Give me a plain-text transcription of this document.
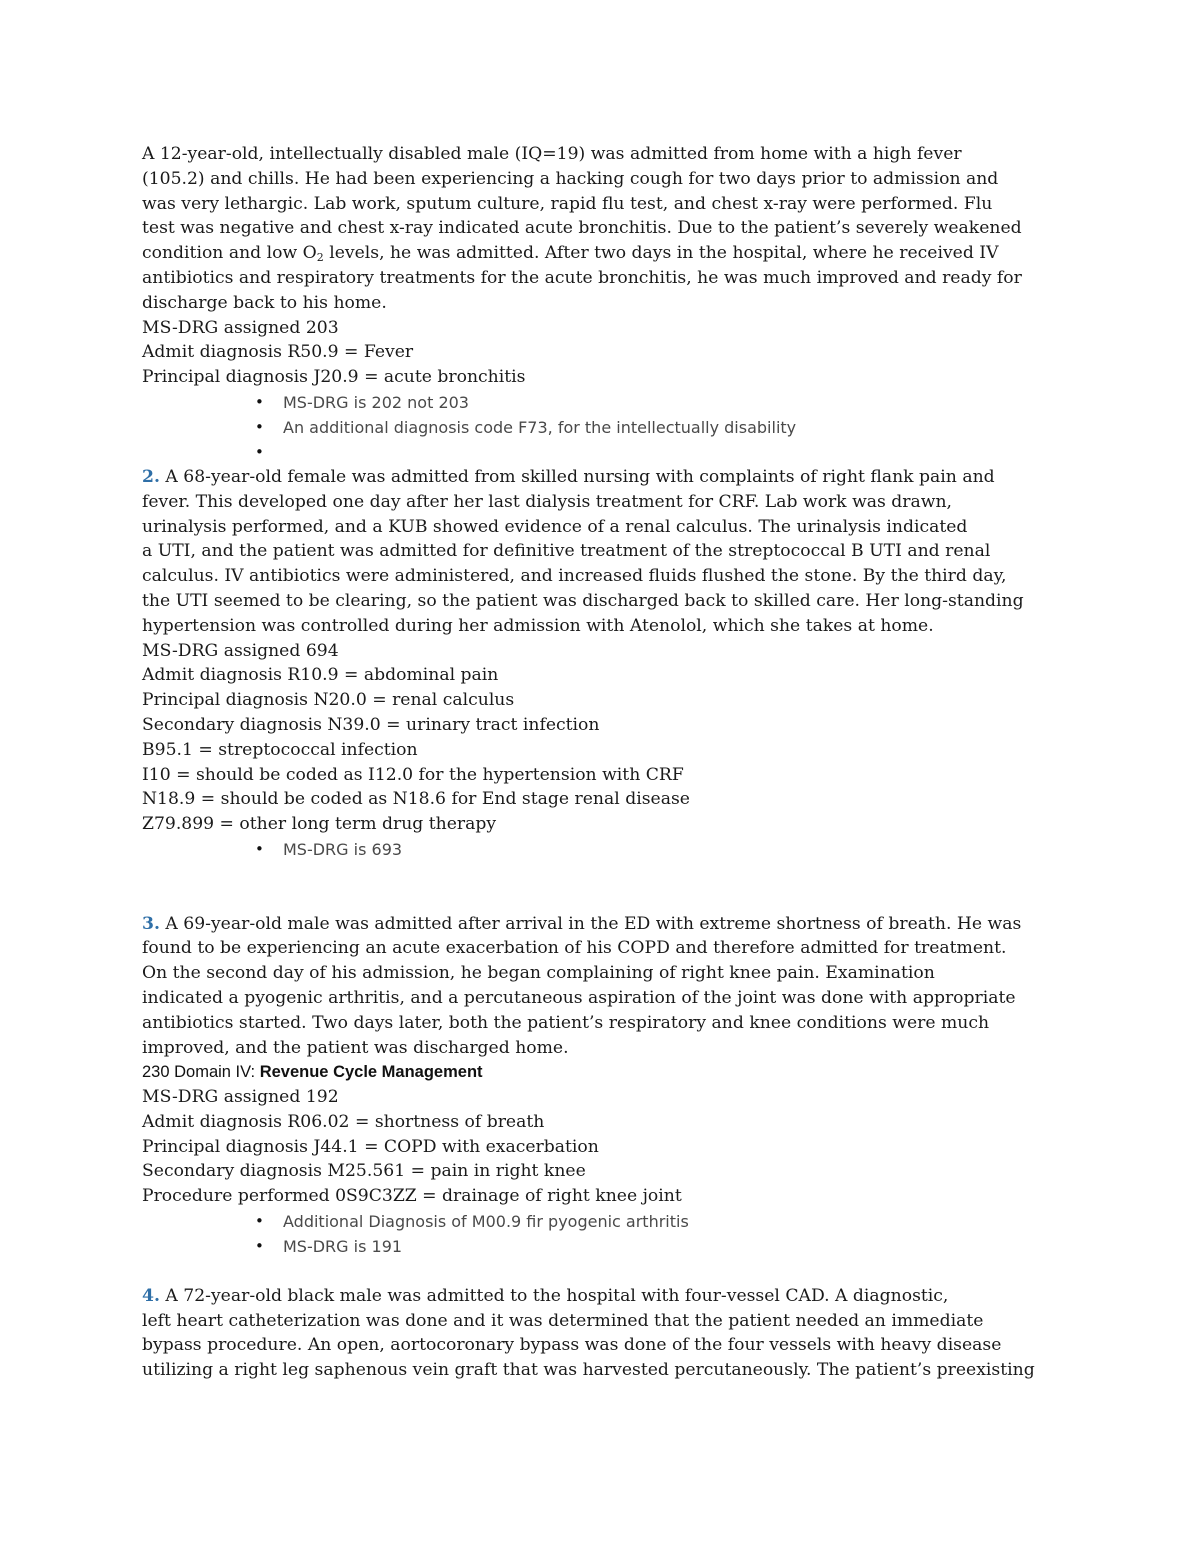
A 12-year-old, intellectually disabled male (IQ=19) was admitted from home with a high fever
(105.2) and chills. He had been experiencing a hacking cough for two days prior to admission and
was very lethargic. Lab work, sputum culture, rapid flu test, and chest x-ray were performed. Flu
test was negative and chest x-ray indicated acute bronchitis. Due to the patient’s severely weakened
condition and low $O_2$ levels, he was admitted. After two days in the hospital, where he received IV
antibiotics and respiratory treatments for the acute bronchitis, he was much improved and ready for
discharge back to his home.
MS-DRG assigned 203
Admit diagnosis R50.9 = Fever
Principal diagnosis J20.9 = acute bronchitis
• MS-DRG is 202 not 203
• An additional diagnosis code F73, for the intellectually disability
•
2. A 68-year-old female was admitted from skilled nursing with complaints of right flank pain and
fever. This developed one day after her last dialysis treatment for CRF. Lab work was drawn,
urinalysis performed, and a KUB showed evidence of a renal calculus. The urinalysis indicated
a UTI, and the patient was admitted for definitive treatment of the streptococcal B UTI and renal
calculus. IV antibiotics were administered, and increased fluids flushed the stone. By the third day,
the UTI seemed to be clearing, so the patient was discharged back to skilled care. Her long-standing
hypertension was controlled during her admission with Atenolol, which she takes at home.
MS-DRG assigned 694
Admit diagnosis R10.9 = abdominal pain
Principal diagnosis N20.0 = renal calculus
Secondary diagnosis N39.0 = urinary tract infection
B95.1 = streptococcal infection
I10 = should be coded as I12.0 for the hypertension with CRF
N18.9 = should be coded as N18.6 for End stage renal disease
Z79.899 = other long term drug therapy
• MS-DRG is 693
3. A 69-year-old male was admitted after arrival in the ED with extreme shortness of breath. He was
found to be experiencing an acute exacerbation of his COPD and therefore admitted for treatment.
On the second day of his admission, he began complaining of right knee pain. Examination
indicated a pyogenic arthritis, and a percutaneous aspiration of the joint was done with appropriate
antibiotics started. Two days later, both the patient’s respiratory and knee conditions were much
improved, and the patient was discharged home.
230 Domain IV: Revenue Cycle Management
MS-DRG assigned 192
Admit diagnosis R06.02 = shortness of breath
Principal diagnosis J44.1 = COPD with exacerbation
Secondary diagnosis M25.561 = pain in right knee
Procedure performed 0S9C3ZZ = drainage of right knee joint
• Additional Diagnosis of M00.9 fir pyogenic arthritis
• MS-DRG is 191
4. A 72-year-old black male was admitted to the hospital with four-vessel CAD. A diagnostic,
left heart catheterization was done and it was determined that the patient needed an immediate
bypass procedure. An open, aortocoronary bypass was done of the four vessels with heavy disease
utilizing a right leg saphenous vein graft that was harvested percutaneously. The patient’s preexisting
